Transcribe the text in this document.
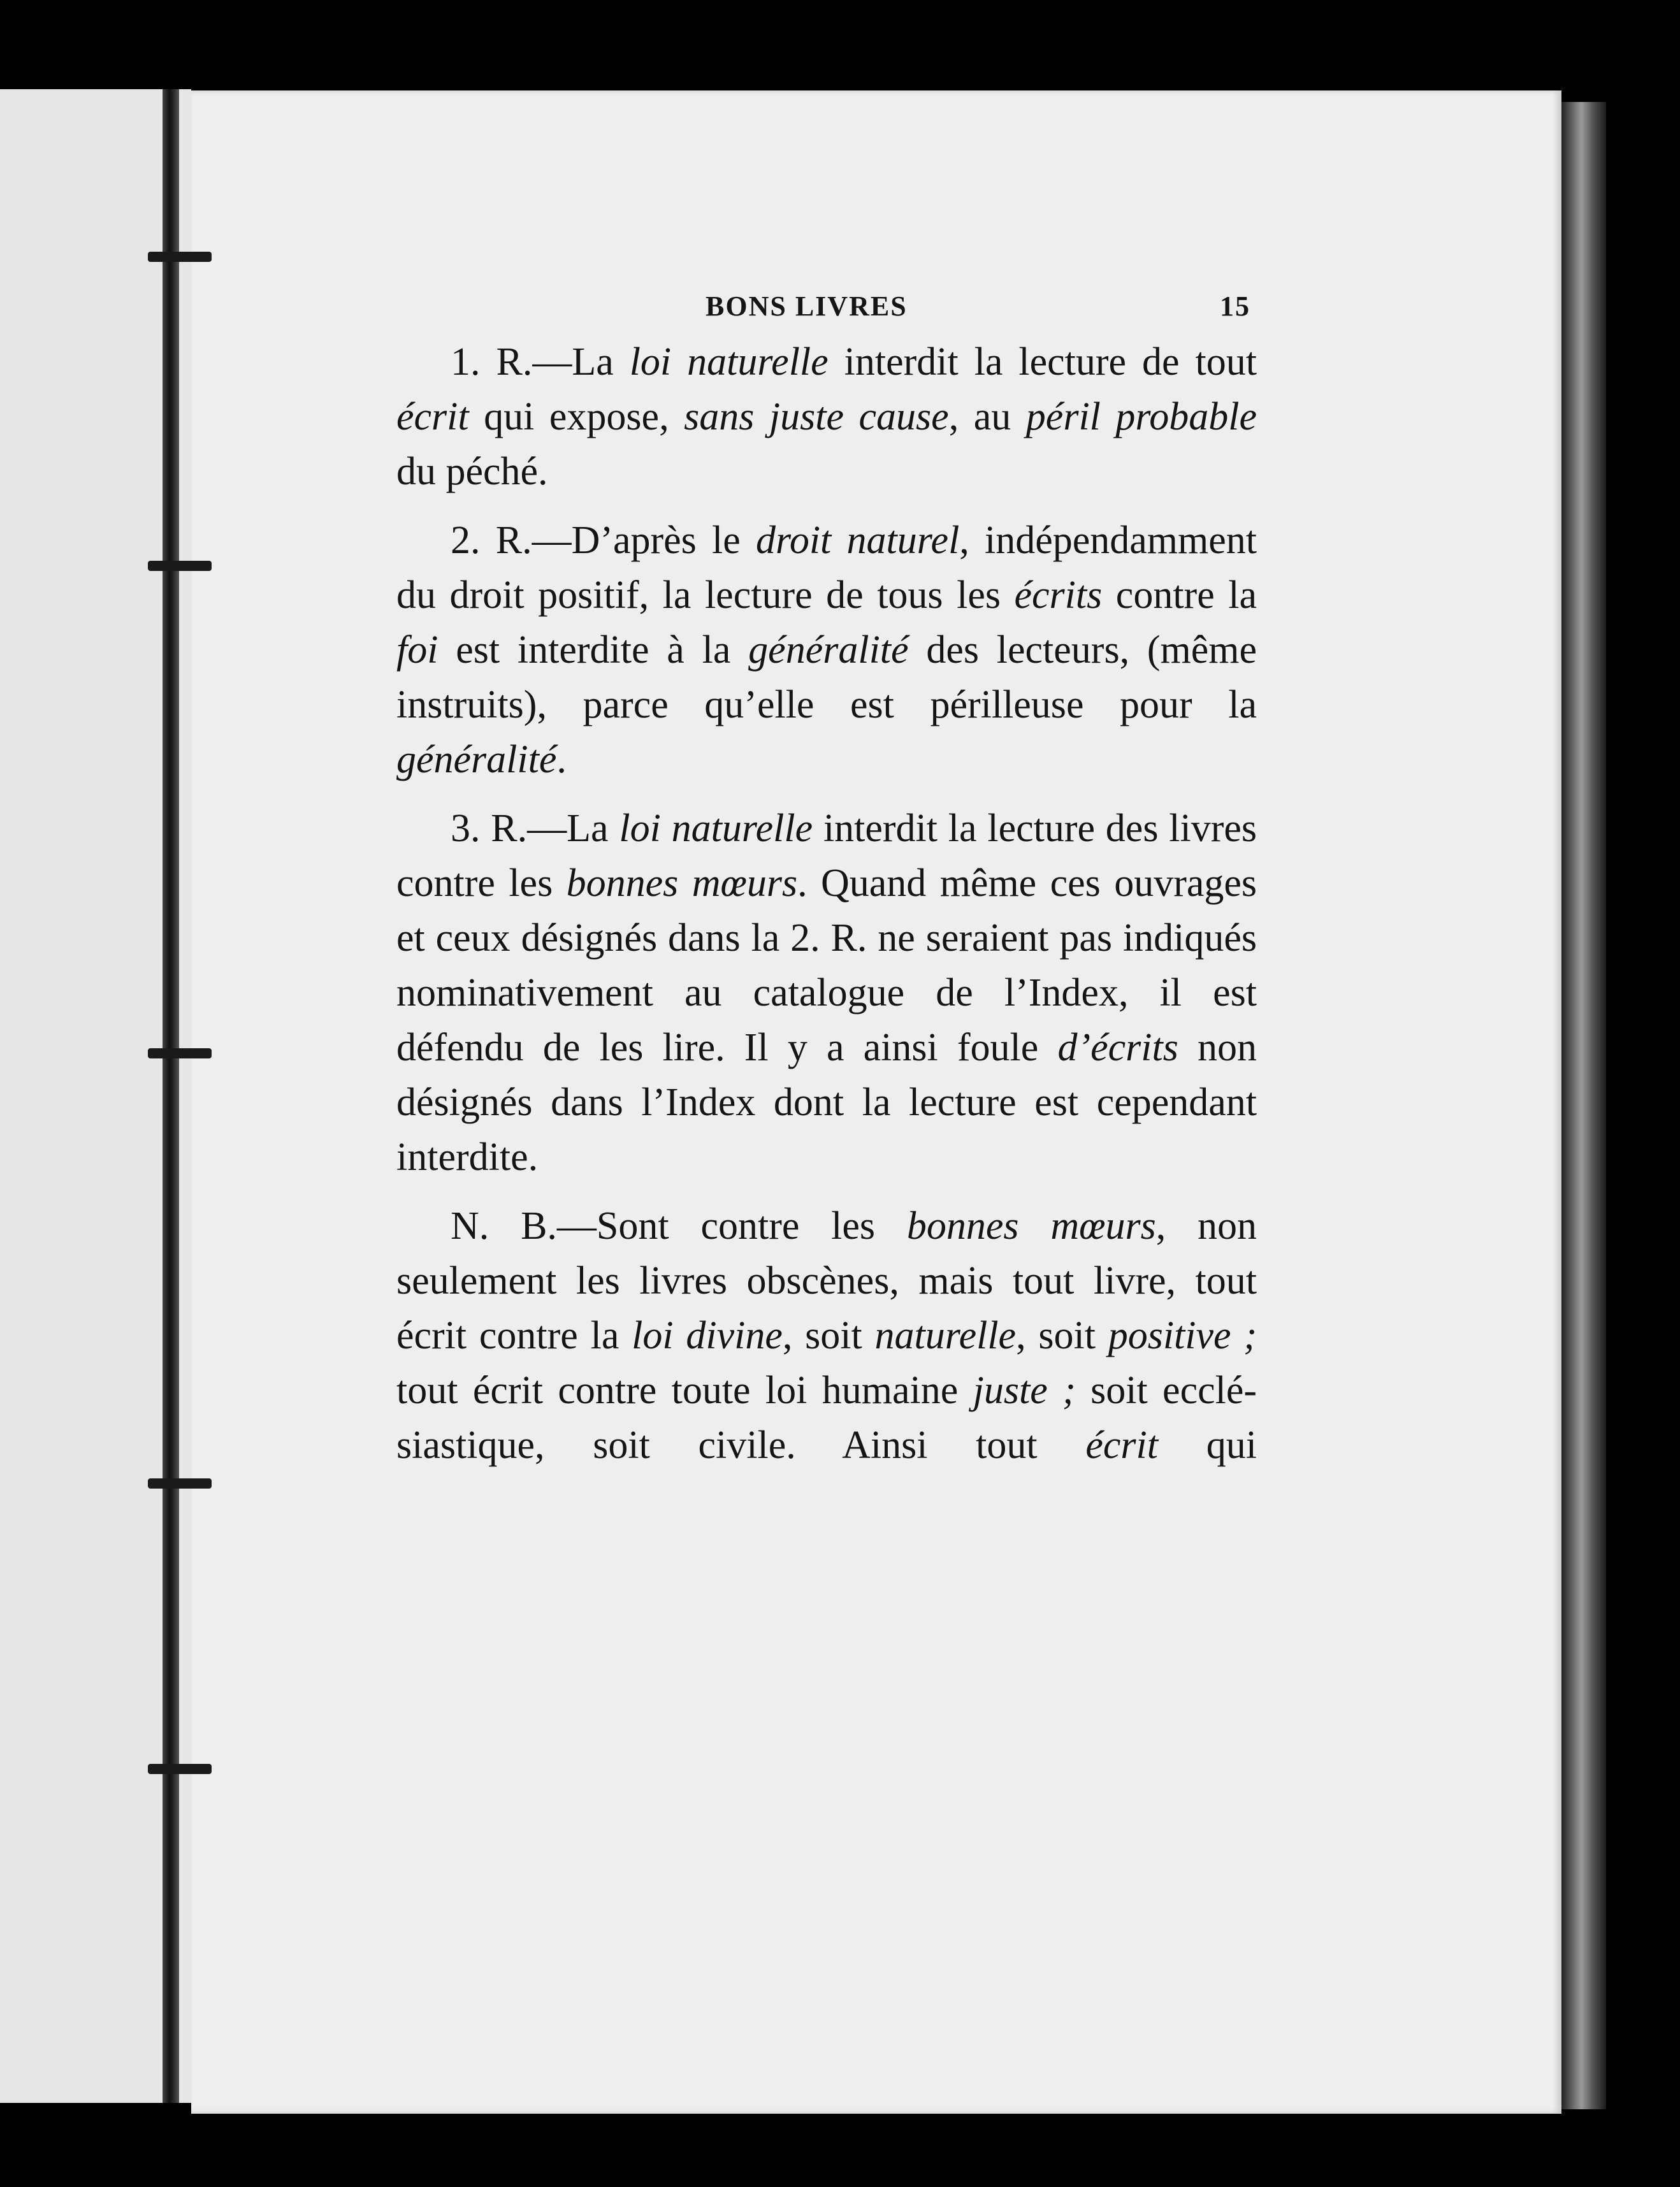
BONS LIVRES	15

1. R.—La loi naturelle interdit la lecture de tout écrit qui expose, sans juste cause, au péril probable du péché.

2. R.—D’après le droit naturel, indépendamment du droit positif, la lecture de tous les écrits contre la foi est interdite à la généralité des lecteurs, (même instruits), parce qu’elle est périlleuse pour la généralité.

3. R.—La loi naturelle interdit la lecture des livres contre les bonnes mœurs. Quand même ces ouvrages et ceux désignés dans la 2. R. ne seraient pas indiqués nominativement au catalogue de l’Index, il est défendu de les lire. Il y a ainsi foule d’écrits non désignés dans l’Index dont la lecture est cependant interdite.

N. B.—Sont contre les bonnes mœurs, non seulement les livres obscènes, mais tout livre, tout écrit contre la loi divine, soit naturelle, soit positive ; tout écrit contre toute loi humaine juste ; soit ecclésiastique, soit civile. Ainsi tout écrit qui
